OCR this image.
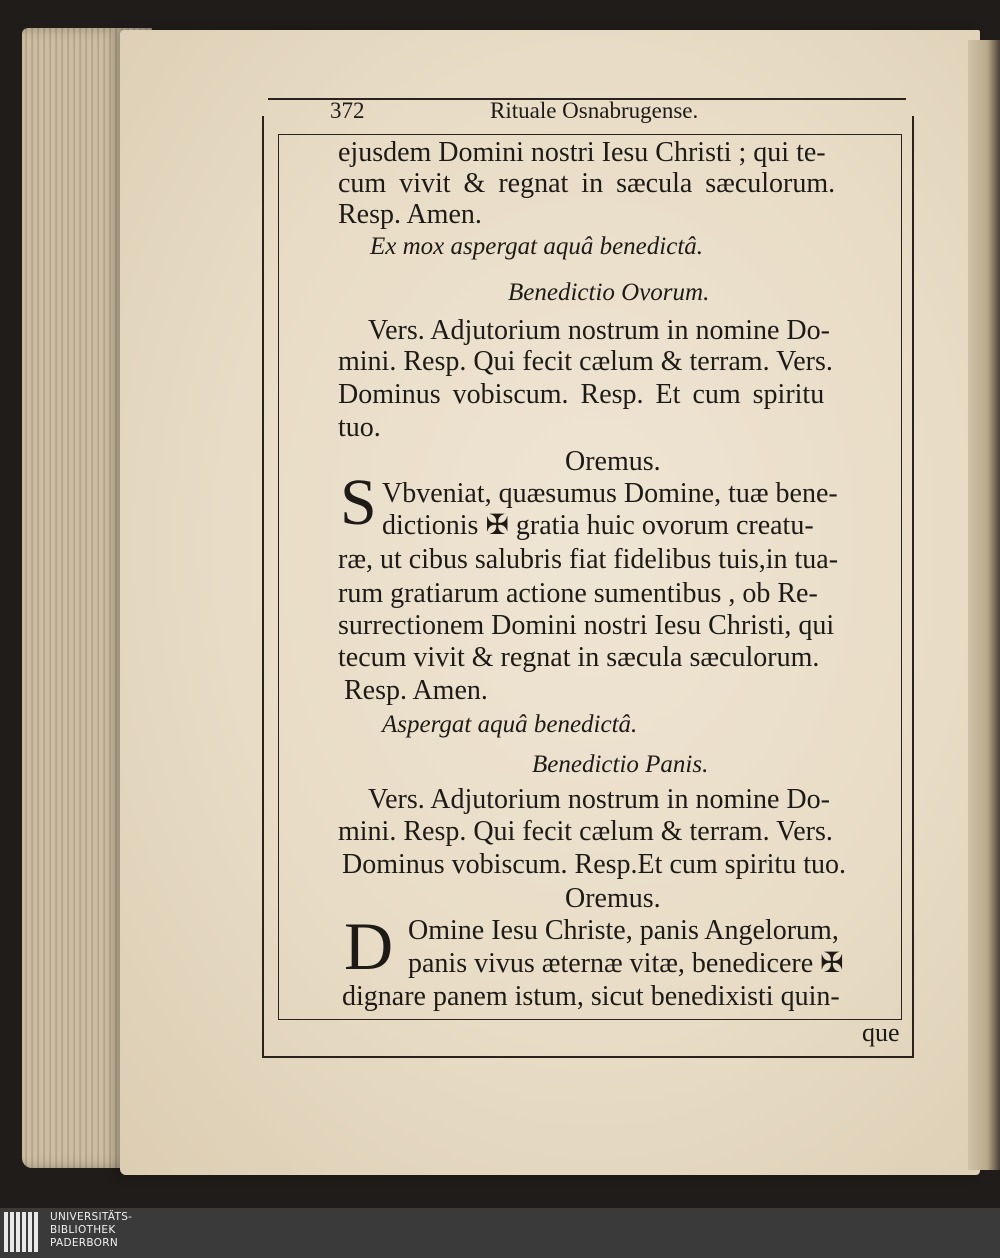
372	Rituale Osnabrugense.
ejusdem Domini nostri Iesu Christi ; qui te-
cum vivit & regnat in sæcula sæculorum.
Resp. Amen.
Ex mox aspergat aquâ benedictâ.
Benedictio Ovorum.
Vers. Adjutorium nostrum in nomine Do-
mini. Resp. Qui fecit cælum & terram. Vers.
Dominus vobiscum. Resp. Et cum spiritu
tuo.
Oremus.
S Vbveniat, quæsumus Domine, tuæ bene-
dictionis ✠ gratia huic ovorum creatu-
ræ, ut cibus salubris fiat fidelibus tuis,in tua-
rum gratiarum actione sumentibus , ob Re-
surrectionem Domini nostri Iesu Christi, qui
tecum vivit & regnat in sæcula sæculorum.
Resp. Amen.
Aspergat aquâ benedictâ.
Benedictio Panis.
Vers. Adjutorium nostrum in nomine Do-
mini. Resp. Qui fecit cælum & terram. Vers.
Dominus vobiscum. Resp.Et cum spiritu tuo.
Oremus.
D Omine Iesu Christe, panis Angelorum,
panis vivus æternæ vitæ, benedicere ✠
dignare panem istum, sicut benedixisti quin-
que
UNIVERSITÄTS-
BIBLIOTHEK
PADERBORN
